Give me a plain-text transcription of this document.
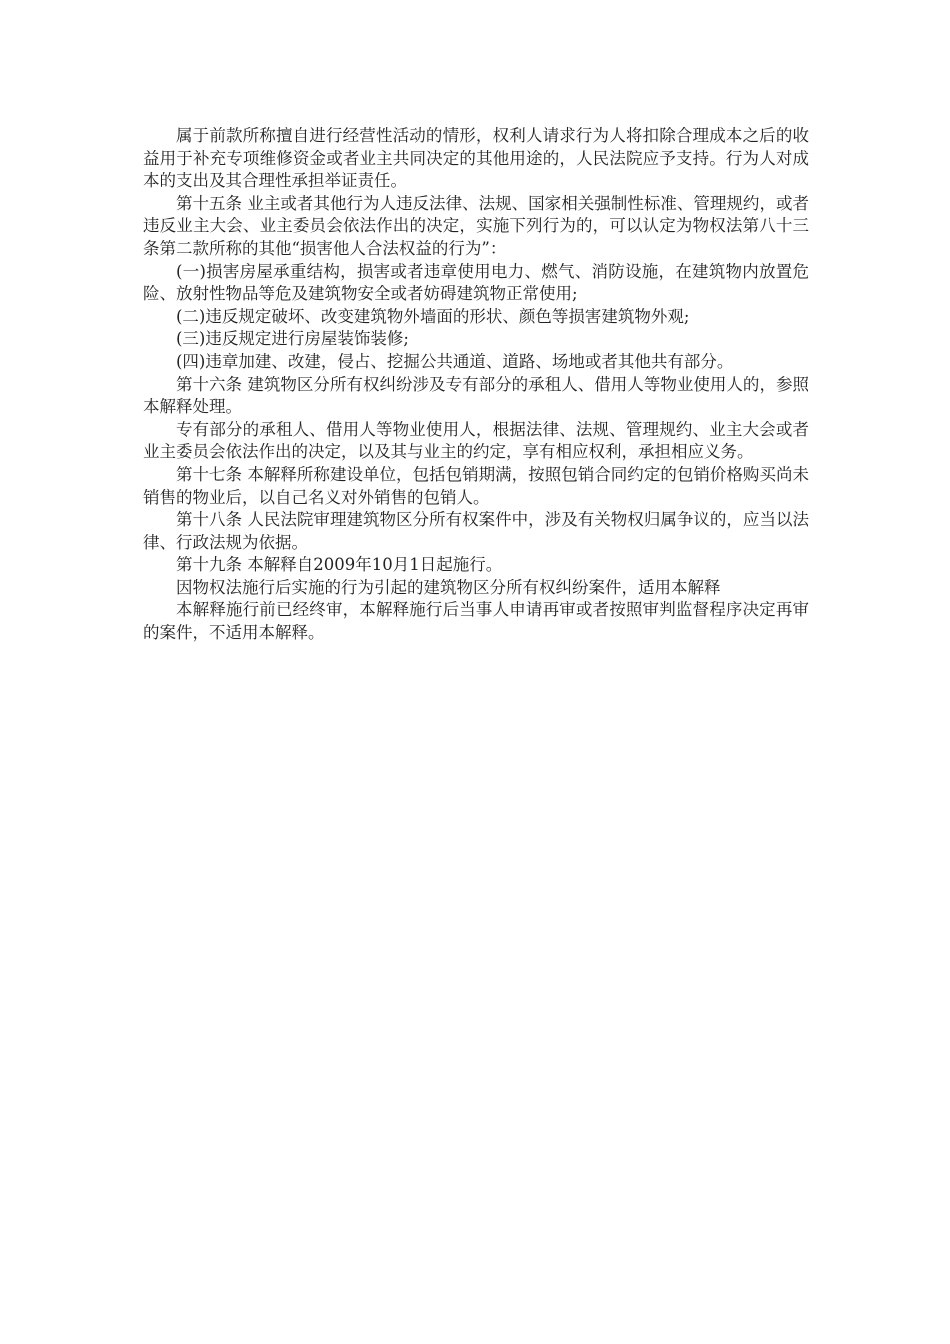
属于前款所称擅自进行经营性活动的情形，权利人请求行为人将扣除合理成本之后的收益用于补充专项维修资金或者业主共同决定的其他用途的，人民法院应予支持。行为人对成本的支出及其合理性承担举证责任。

第十五条 业主或者其他行为人违反法律、法规、国家相关强制性标准、管理规约，或者违反业主大会、业主委员会依法作出的决定，实施下列行为的，可以认定为物权法第八十三条第二款所称的其他“损害他人合法权益的行为”：

(一)损害房屋承重结构，损害或者违章使用电力、燃气、消防设施，在建筑物内放置危险、放射性物品等危及建筑物安全或者妨碍建筑物正常使用;

(二)违反规定破坏、改变建筑物外墙面的形状、颜色等损害建筑物外观;

(三)违反规定进行房屋装饰装修;

(四)违章加建、改建，侵占、挖掘公共通道、道路、场地或者其他共有部分。

第十六条 建筑物区分所有权纠纷涉及专有部分的承租人、借用人等物业使用人的，参照本解释处理。

专有部分的承租人、借用人等物业使用人，根据法律、法规、管理规约、业主大会或者业主委员会依法作出的决定，以及其与业主的约定，享有相应权利，承担相应义务。

第十七条 本解释所称建设单位，包括包销期满，按照包销合同约定的包销价格购买尚未销售的物业后，以自己名义对外销售的包销人。

第十八条 人民法院审理建筑物区分所有权案件中，涉及有关物权归属争议的，应当以法律、行政法规为依据。

第十九条 本解释自2009年10月1日起施行。

因物权法施行后实施的行为引起的建筑物区分所有权纠纷案件，适用本解释

本解释施行前已经终审，本解释施行后当事人申请再审或者按照审判监督程序决定再审的案件，不适用本解释。
